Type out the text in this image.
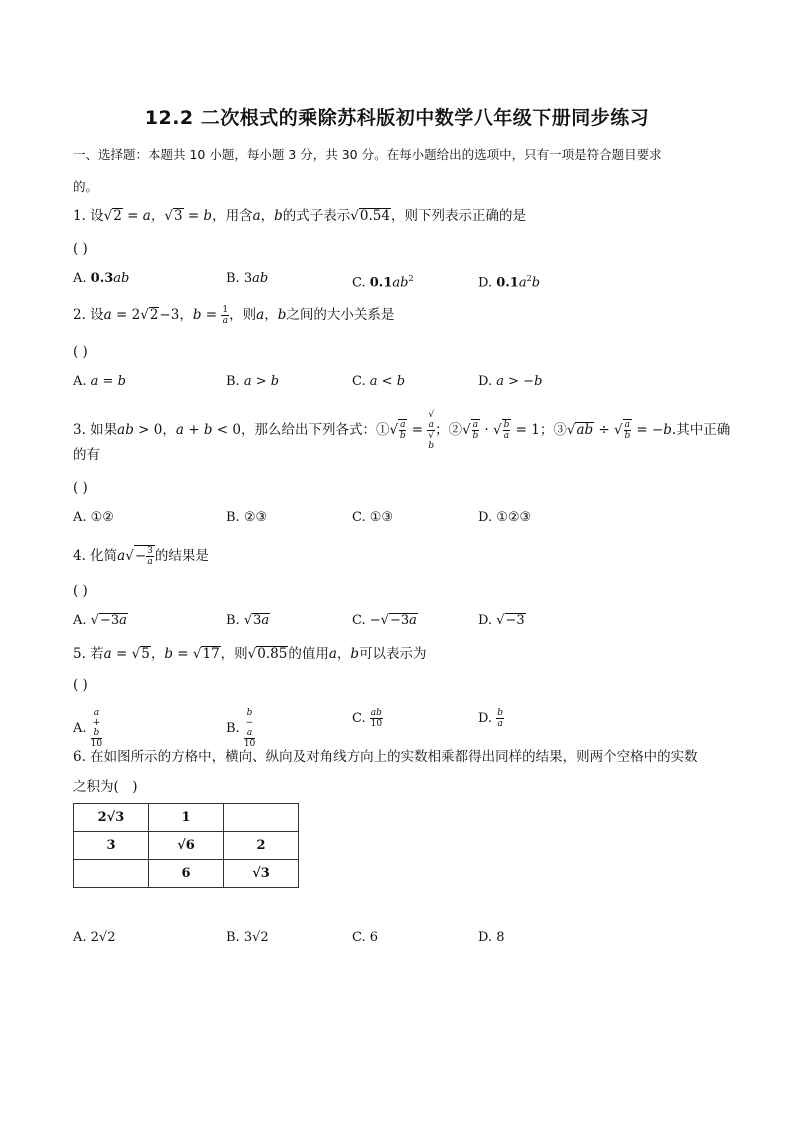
12.2 二次根式的乘除苏科版初中数学八年级下册同步练习
一、选择题：本题共 10 小题，每小题 3 分，共 30 分。在每小题给出的选项中，只有一项是符合题目要求
的。
1. 设√2 = a，√3 = b，用含a，b的式子表示√0.54，则下列表示正确的是
( )
A. 0.3ab	B. 3ab	C. $0.1ab^2$	D. $0.1a^2b$
2. 设a = 2√2−3，$b = \frac{1}{a}$ ，则a，b之间的大小关系是
( )
A. a = b	B. a > b	C. a < b	D. a > −b
3. 如果ab > 0，a + b < 0，那么给出下列各式：①√ $\frac{a}{b}$ = √
a
√
b ；②√ $\frac{a}{b}$ · √ $\frac{b}{a} = 1$；③√ab ÷ √ $\frac{a}{b} = -b$.其中正确
的有
( )
A. ①②	B. ②③	C. ①③	D. ①②③
4. 化简$a√- \frac{3}{a}$ 的结果是
( )
A. √−3a	B. √3a	C. −√−3a	D. √−3
5. 若a = √5，b = √17，则√0.85的值用a，b可以表示为
( )
A. a
+
b
10	B. b
−
a
10	C. $\frac{ab}{10}$	D. $\frac{b}{a}$
6. 在如图所示的方格中，横向、纵向及对角线方向上的实数相乘都得出同样的结果，则两个空格中的实数
之积为(　)
2√3	1	
3	√6	2
	6	√3
A. 2√2	B. 3√2	C. 6	D. 8
